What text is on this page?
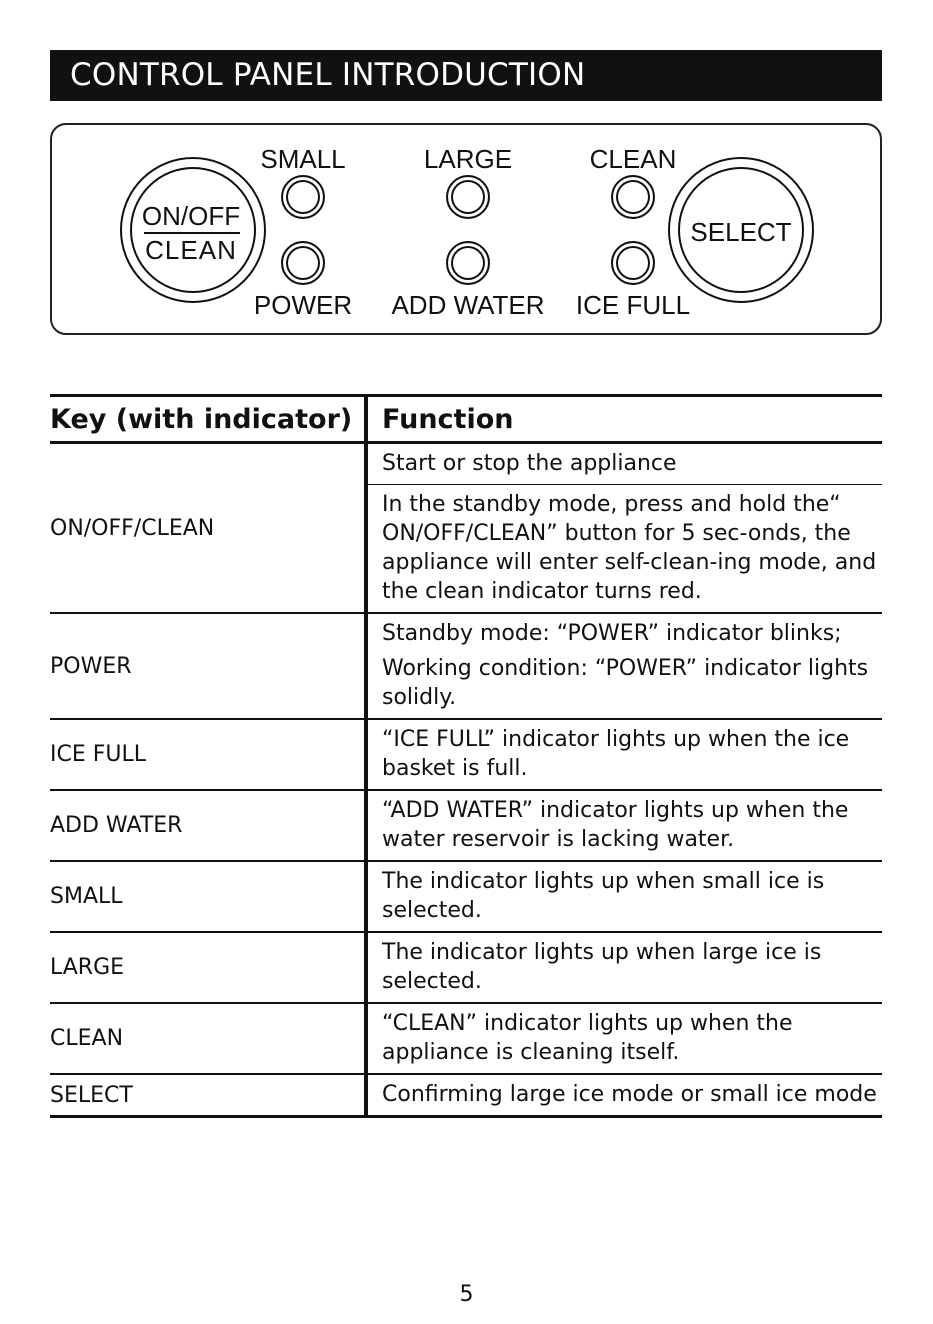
CONTROL PANEL INTRODUCTION
ON/OFF
CLEAN
SELECT
SMALL	LARGE	CLEAN
POWER ADD WATER ICE FULL
Key (with indicator)	Function
ON/OFF/CLEAN	Start or stop the appliance
	In the standby mode, press and hold the“ ON/OFF/CLEAN” button for 5 sec-onds, the appliance will enter self-clean-ing mode, and the clean indicator turns red.
POWER	Standby mode: “POWER” indicator blinks;
Working condition: “POWER” indicator lights solidly.

ICE FULL	“ICE FULL” indicator lights up when the ice basket is full.
ADD WATER	“ADD WATER” indicator lights up when the water reservoir is lacking water.
SMALL	The indicator lights up when small ice is selected.
LARGE	The indicator lights up when large ice is selected.
CLEAN	“CLEAN” indicator lights up when the appliance is cleaning itself.
SELECT	Confirming large ice mode or small ice mode
5
